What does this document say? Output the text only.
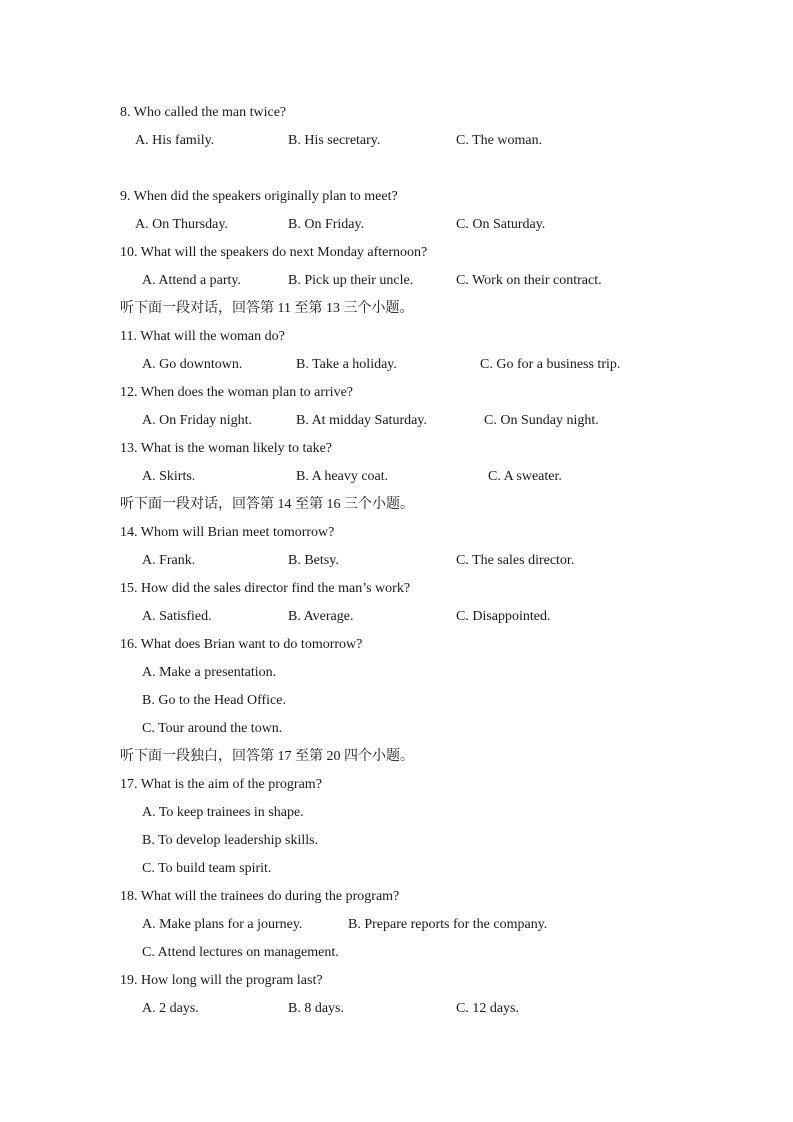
8. Who called the man twice?
A. His family.	B. His secretary.	C. The woman.
9. When did the speakers originally plan to meet?
A. On Thursday.	B. On Friday.	C. On Saturday.
10. What will the speakers do next Monday afternoon?
A. Attend a party.	B. Pick up their uncle.	C. Work on their contract.
听下面一段对话，回答第 11 至第 13 三个小题。
11. What will the woman do?
A. Go downtown.	B. Take a holiday.	C. Go for a business trip.
12. When does the woman plan to arrive?
A. On Friday night.	B. At midday Saturday.	C. On Sunday night.
13. What is the woman likely to take?
A. Skirts.	B. A heavy coat.	C. A sweater.
听下面一段对话，回答第 14 至第 16 三个小题。
14. Whom will Brian meet tomorrow?
A. Frank.	B. Betsy.	C. The sales director.
15. How did the sales director find the man’s work?
A. Satisfied.	B. Average.	C. Disappointed.
16. What does Brian want to do tomorrow?
A. Make a presentation.
B. Go to the Head Office.
C. Tour around the town.
听下面一段独白，回答第 17 至第 20 四个小题。
17. What is the aim of the program?
A. To keep trainees in shape.
B. To develop leadership skills.
C. To build team spirit.
18. What will the trainees do during the program?
A. Make plans for a journey.	B. Prepare reports for the company.
C. Attend lectures on management.
19. How long will the program last?
A. 2 days.	B. 8 days.	C. 12 days.
